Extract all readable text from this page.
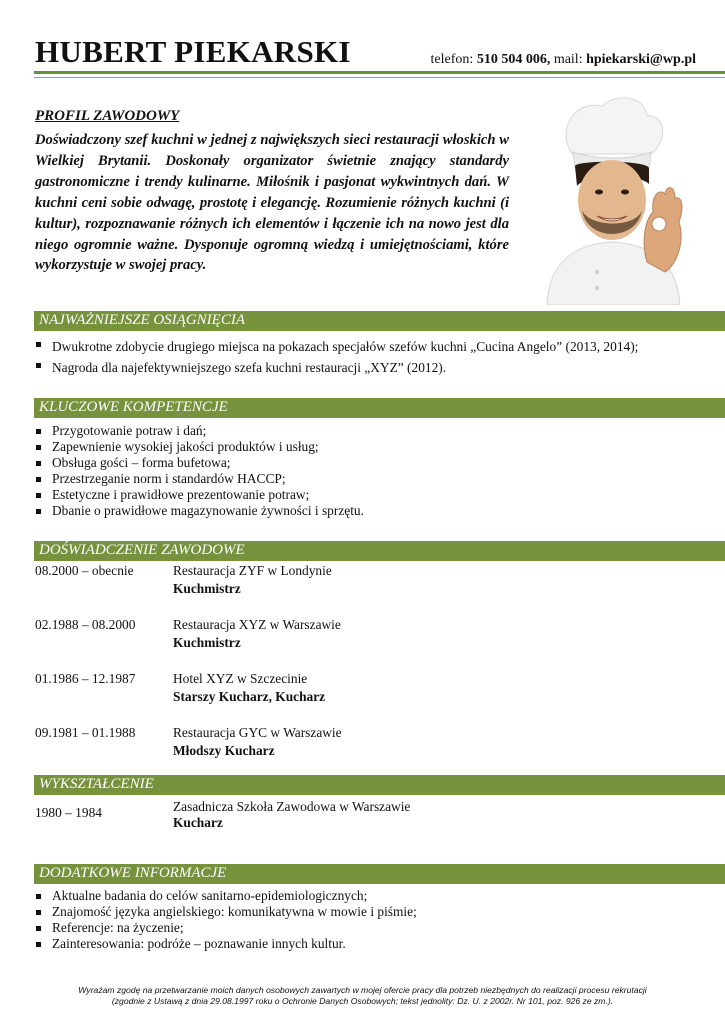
HUBERT PIEKARSKI	telefon: 510 504 006, mail: hpiekarski@wp.pl
PROFIL ZAWODOWY
Doświadczony szef kuchni w jednej z największych sieci restauracji włoskich w Wielkiej Brytanii. Doskonały organizator świetnie znający standardy gastronomiczne i trendy kulinarne. Miłośnik i pasjonat wykwintnych dań. W kuchni ceni sobie odwagę, prostotę i elegancję. Rozumienie różnych kuchni (i kultur), rozpoznawanie różnych ich elementów i łączenie ich na nowo jest dla niego ogromnie ważne. Dysponuje ogromną wiedzą i umiejętnościami, które wykorzystuje w swojej pracy.
NAJWAŻNIEJSZE OSIĄGNIĘCIA
Dwukrotne zdobycie drugiego miejsca na pokazach specjałów szefów kuchni „Cucina Angelo” (2013, 2014);
Nagroda dla najefektywniejszego szefa kuchni restauracji „XYZ” (2012).
KLUCZOWE KOMPETENCJE
Przygotowanie potraw i dań;
Zapewnienie wysokiej jakości produktów i usług;
Obsługa gości – forma bufetowa;
Przestrzeganie norm i standardów HACCP;
Estetyczne i prawidłowe prezentowanie potraw;
Dbanie o prawidłowe magazynowanie żywności i sprzętu.
DOŚWIADCZENIE ZAWODOWE
08.2000 – obecnie	Restauracja ZYF w Londynie
Kuchmistrz
02.1988 – 08.2000	Restauracja XYZ w Warszawie
Kuchmistrz
01.1986 – 12.1987	Hotel XYZ w Szczecinie
Starszy Kucharz, Kucharz
09.1981 – 01.1988	Restauracja GYC w Warszawie
Młodszy Kucharz
WYKSZTAŁCENIE
1980 – 1984	Zasadnicza Szkoła Zawodowa w Warszawie
Kucharz
DODATKOWE INFORMACJE
Aktualne badania do celów sanitarno-epidemiologicznych;
Znajomość języka angielskiego: komunikatywna w mowie i piśmie;
Referencje: na życzenie;
Zainteresowania: podróże – poznawanie innych kultur.
Wyrażam zgodę na przetwarzanie moich danych osobowych zawartych w mojej ofercie pracy dla potrzeb niezbędnych do realizacji procesu rekrutacji
(zgodnie z Ustawą z dnia 29.08.1997 roku o Ochronie Danych Osobowych; tekst jednolity: Dz. U. z 2002r. Nr 101, poz. 926 ze zm.).
